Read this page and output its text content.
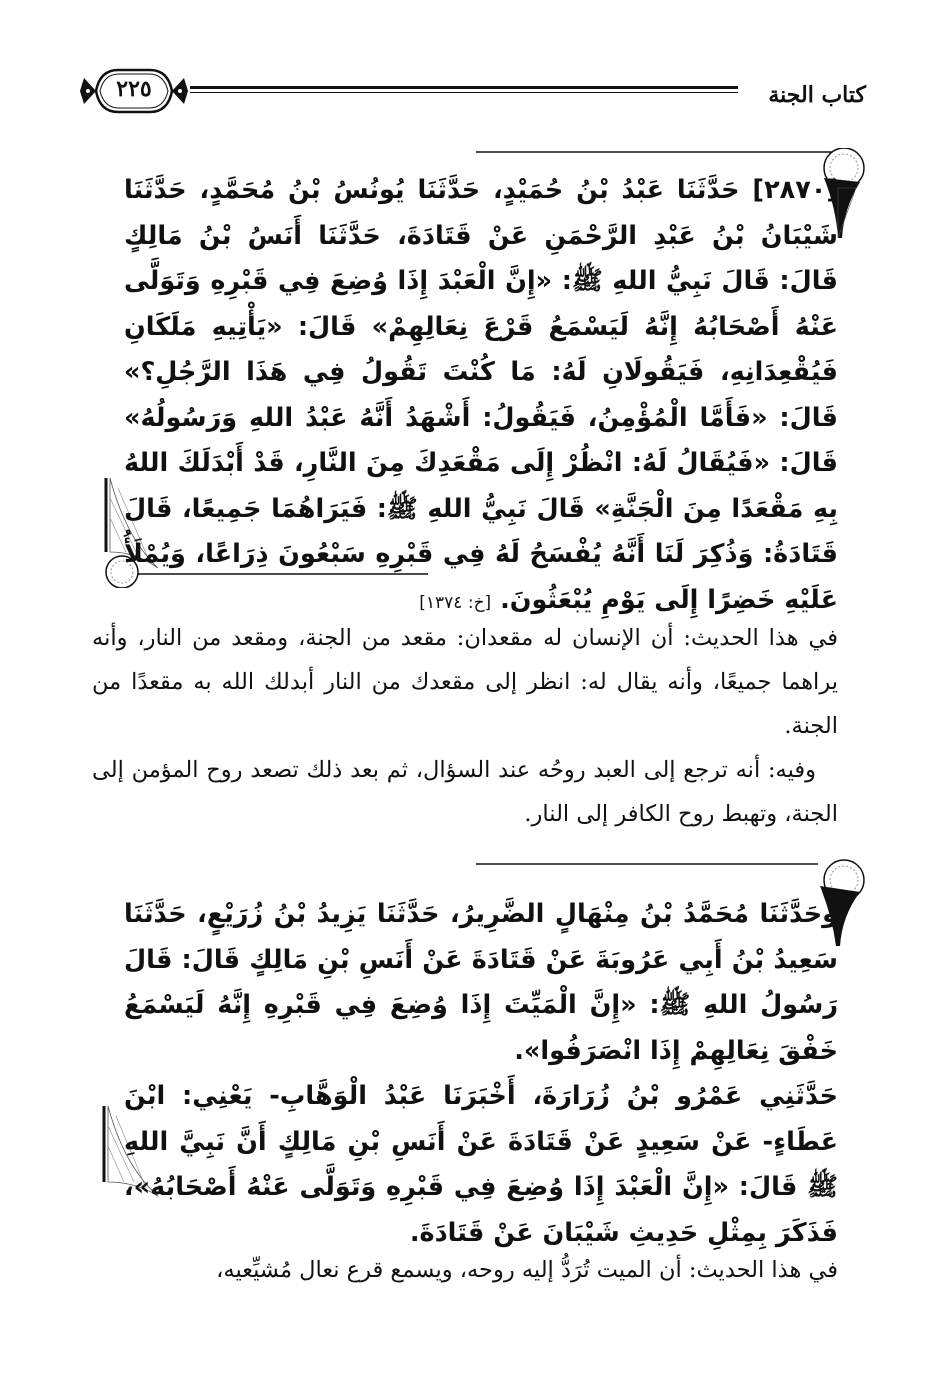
كتاب الجنة
٢٢٥

[٢٨٧٠] حَدَّثَنَا عَبْدُ بْنُ حُمَيْدٍ، حَدَّثَنَا يُونُسُ بْنُ مُحَمَّدٍ، حَدَّثَنَا شَيْبَانُ بْنُ عَبْدِ الرَّحْمَنِ عَنْ قَتَادَةَ، حَدَّثَنَا أَنَسُ بْنُ مَالِكٍ قَالَ: قَالَ نَبِيُّ اللهِ ﷺ: «إِنَّ الْعَبْدَ إِذَا وُضِعَ فِي قَبْرِهِ وَتَوَلَّى عَنْهُ أَصْحَابُهُ إِنَّهُ لَيَسْمَعُ قَرْعَ نِعَالِهِمْ» قَالَ: «يَأْتِيهِ مَلَكَانِ فَيُقْعِدَانِهِ، فَيَقُولَانِ لَهُ: مَا كُنْتَ تَقُولُ فِي هَذَا الرَّجُلِ؟» قَالَ: «فَأَمَّا الْمُؤْمِنُ، فَيَقُولُ: أَشْهَدُ أَنَّهُ عَبْدُ اللهِ وَرَسُولُهُ» قَالَ: «فَيُقَالُ لَهُ: انْظُرْ إِلَى مَقْعَدِكَ مِنَ النَّارِ، قَدْ أَبْدَلَكَ اللهُ بِهِ مَقْعَدًا مِنَ الْجَنَّةِ» قَالَ نَبِيُّ اللهِ ﷺ: فَيَرَاهُمَا جَمِيعًا، قَالَ قَتَادَةُ: وَذُكِرَ لَنَا أَنَّهُ يُفْسَحُ لَهُ فِي قَبْرِهِ سَبْعُونَ ذِرَاعًا، وَيُمْلَأُ عَلَيْهِ خَضِرًا إِلَى يَوْمِ يُبْعَثُونَ. [خ: ١٣٧٤]

في هذا الحديث: أن الإنسان له مقعدان: مقعد من الجنة، ومقعد من النار، وأنه يراهما جميعًا، وأنه يقال له: انظر إلى مقعدك من النار أبدلك الله به مقعدًا من الجنة.

وفيه: أنه ترجع إلى العبد روحُه عند السؤال، ثم بعد ذلك تصعد روح المؤمن إلى الجنة، وتهبط روح الكافر إلى النار.

وحَدَّثَنَا مُحَمَّدُ بْنُ مِنْهَالٍ الضَّرِيرُ، حَدَّثَنَا يَزِيدُ بْنُ زُرَيْعٍ، حَدَّثَنَا سَعِيدُ بْنُ أَبِي عَرُوبَةَ عَنْ قَتَادَةَ عَنْ أَنَسِ بْنِ مَالِكٍ قَالَ: قَالَ رَسُولُ اللهِ ﷺ: «إِنَّ الْمَيِّتَ إِذَا وُضِعَ فِي قَبْرِهِ إِنَّهُ لَيَسْمَعُ خَفْقَ نِعَالِهِمْ إِذَا انْصَرَفُوا».

حَدَّثَنِي عَمْرُو بْنُ زُرَارَةَ، أَخْبَرَنَا عَبْدُ الْوَهَّابِ- يَعْنِي: ابْنَ عَطَاءٍ- عَنْ سَعِيدٍ عَنْ قَتَادَةَ عَنْ أَنَسِ بْنِ مَالِكٍ أَنَّ نَبِيَّ اللهِ ﷺ قَالَ: «إِنَّ الْعَبْدَ إِذَا وُضِعَ فِي قَبْرِهِ وَتَوَلَّى عَنْهُ أَصْحَابُهُ»، فَذَكَرَ بِمِثْلِ حَدِيثِ شَيْبَانَ عَنْ قَتَادَةَ.

في هذا الحديث: أن الميت تُرَدُّ إليه روحه، ويسمع قرع نعال مُشيِّعيه،
